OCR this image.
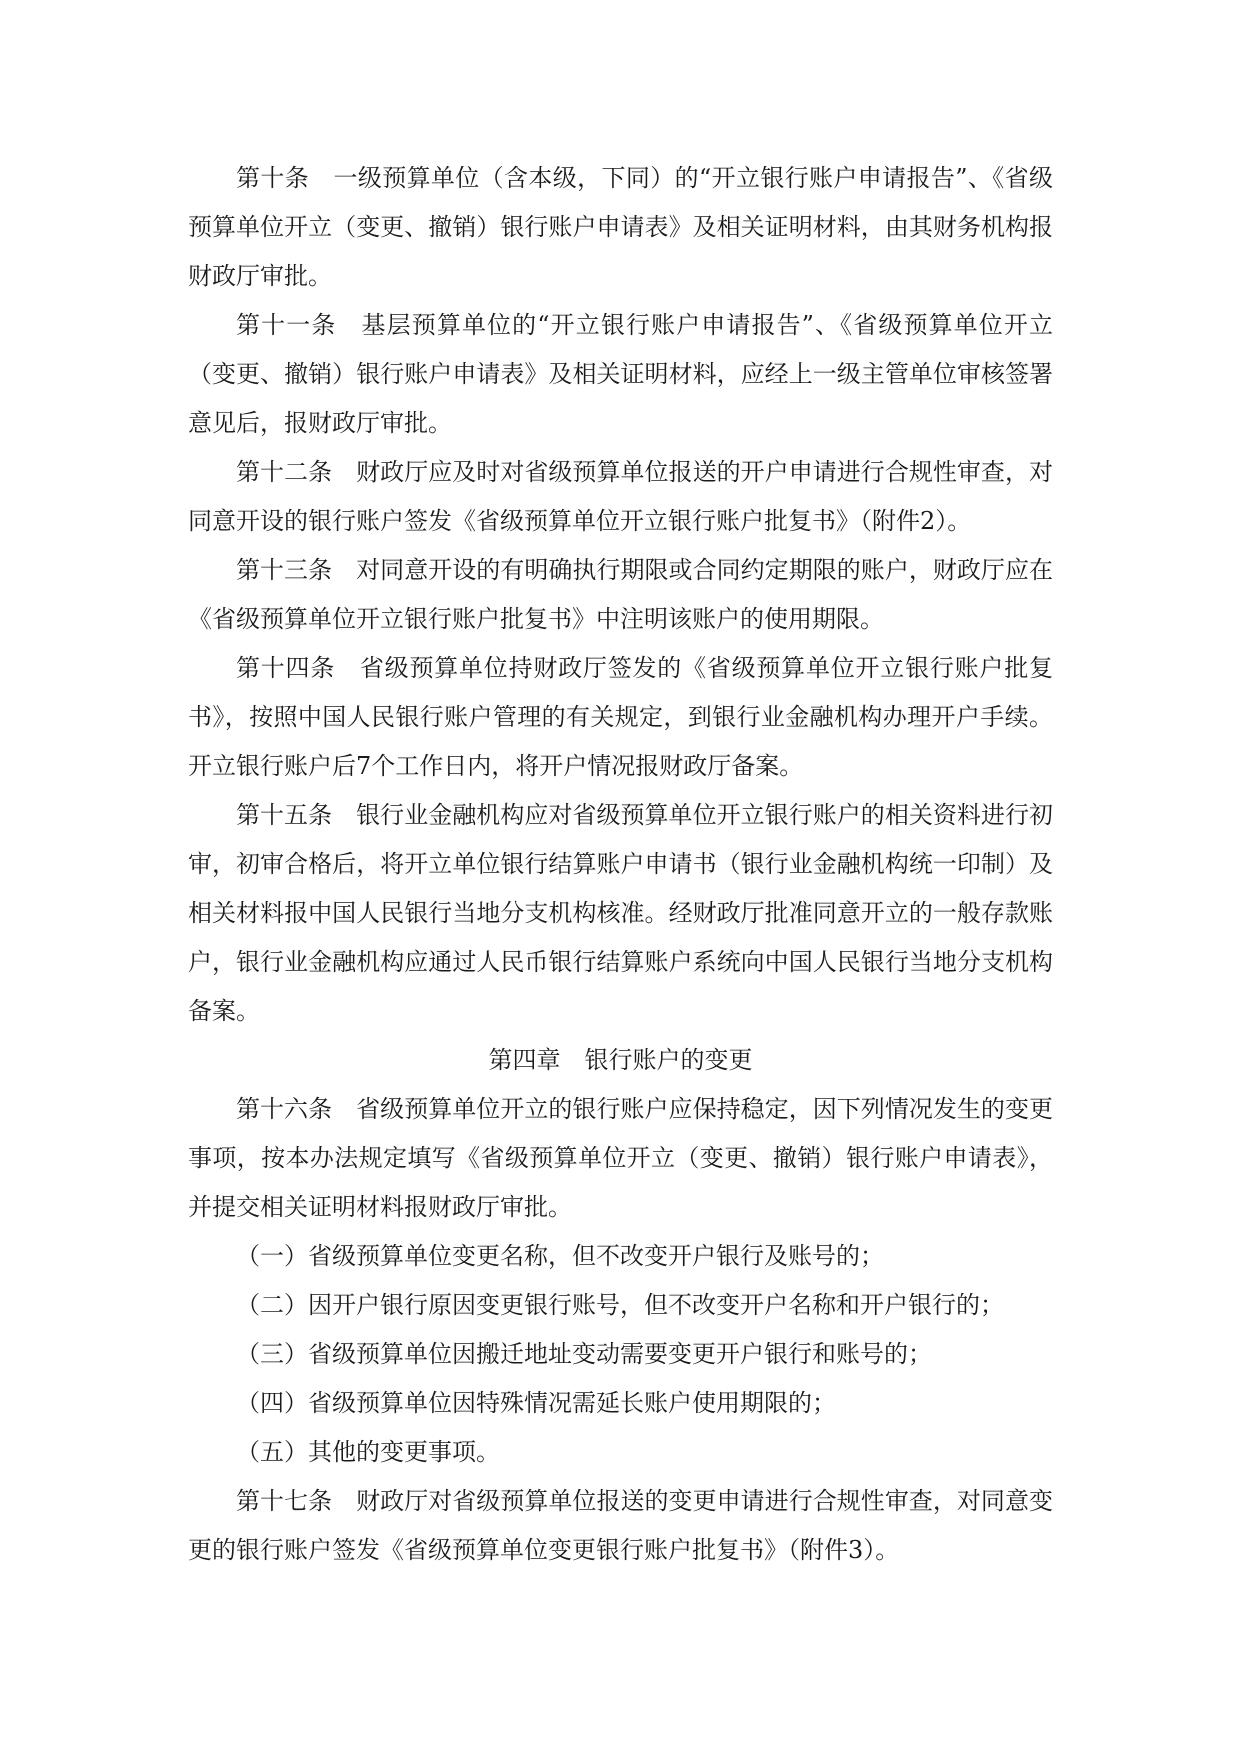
第十条　一级预算单位（含本级，下同）的“开立银行账户申请报告”、《省级预算单位开立（变更、撤销）银行账户申请表》及相关证明材料，由其财务机构报财政厅审批。

第十一条　基层预算单位的“开立银行账户申请报告”、《省级预算单位开立（变更、撤销）银行账户申请表》及相关证明材料，应经上一级主管单位审核签署意见后，报财政厅审批。

第十二条　财政厅应及时对省级预算单位报送的开户申请进行合规性审查，对同意开设的银行账户签发《省级预算单位开立银行账户批复书》（附件2）。

第十三条　对同意开设的有明确执行期限或合同约定期限的账户，财政厅应在《省级预算单位开立银行账户批复书》中注明该账户的使用期限。

第十四条　省级预算单位持财政厅签发的《省级预算单位开立银行账户批复书》，按照中国人民银行账户管理的有关规定，到银行业金融机构办理开户手续。开立银行账户后7个工作日内，将开户情况报财政厅备案。

第十五条　银行业金融机构应对省级预算单位开立银行账户的相关资料进行初审，初审合格后，将开立单位银行结算账户申请书（银行业金融机构统一印制）及相关材料报中国人民银行当地分支机构核准。经财政厅批准同意开立的一般存款账户，银行业金融机构应通过人民币银行结算账户系统向中国人民银行当地分支机构备案。

第四章　银行账户的变更

第十六条　省级预算单位开立的银行账户应保持稳定，因下列情况发生的变更事项，按本办法规定填写《省级预算单位开立（变更、撤销）银行账户申请表》，并提交相关证明材料报财政厅审批。

（一）省级预算单位变更名称，但不改变开户银行及账号的；

（二）因开户银行原因变更银行账号，但不改变开户名称和开户银行的；

（三）省级预算单位因搬迁地址变动需要变更开户银行和账号的；

（四）省级预算单位因特殊情况需延长账户使用期限的；

（五）其他的变更事项。

第十七条　财政厅对省级预算单位报送的变更申请进行合规性审查，对同意变更的银行账户签发《省级预算单位变更银行账户批复书》（附件3）。
